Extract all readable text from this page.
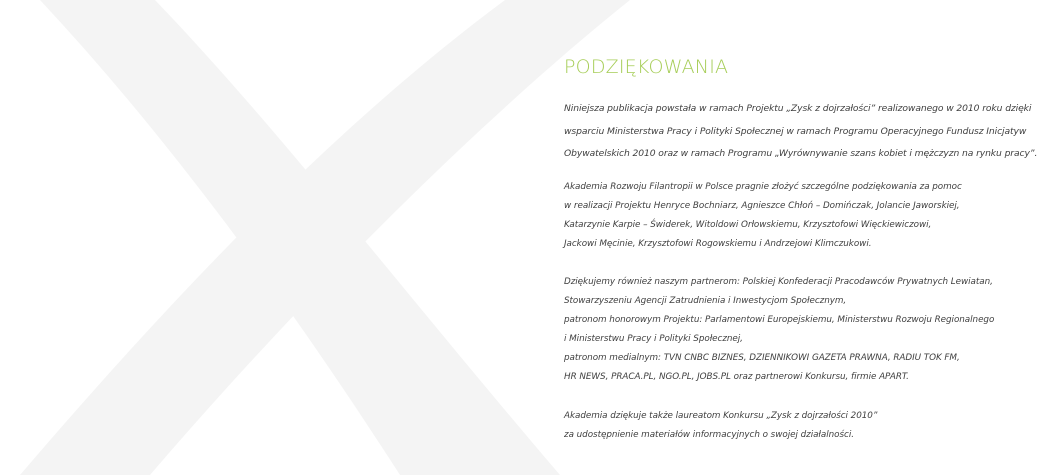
PODZIĘKOWANIA

Niniejsza publikacja powstała w ramach Projektu „Zysk z dojrzałości” realizowanego w 2010 roku dzięki
wsparciu Ministerstwa Pracy i Polityki Społecznej w ramach Programu Operacyjnego Fundusz Inicjatyw
Obywatelskich 2010 oraz w ramach Programu „Wyrównywanie szans kobiet i mężczyzn na rynku pracy”.

Akademia Rozwoju Filantropii w Polsce pragnie złożyć szczególne podziękowania za pomoc
w realizacji Projektu Henryce Bochniarz, Agnieszce Chłoń – Domińczak, Jolancie Jaworskiej,
Katarzynie Karpie – Świderek, Witoldowi Orłowskiemu, Krzysztofowi Więckiewiczowi,
Jackowi Męcinie, Krzysztofowi Rogowskiemu i Andrzejowi Klimczukowi.

Dziękujemy również naszym partnerom: Polskiej Konfederacji Pracodawców Prywatnych Lewiatan,
Stowarzyszeniu Agencji Zatrudnienia i Inwestycjom Społecznym,
patronom honorowym Projektu: Parlamentowi Europejskiemu, Ministerstwu Rozwoju Regionalnego
i Ministerstwu Pracy i Polityki Społecznej,
patronom medialnym: TVN CNBC BIZNES, DZIENNIKOWI GAZETA PRAWNA, RADIU TOK FM,
HR NEWS, PRACA.PL, NGO.PL, JOBS.PL oraz partnerowi Konkursu, firmie APART.

Akademia dziękuje także laureatom Konkursu „Zysk z dojrzałości 2010”
za udostępnienie materiałów informacyjnych o swojej działalności.
